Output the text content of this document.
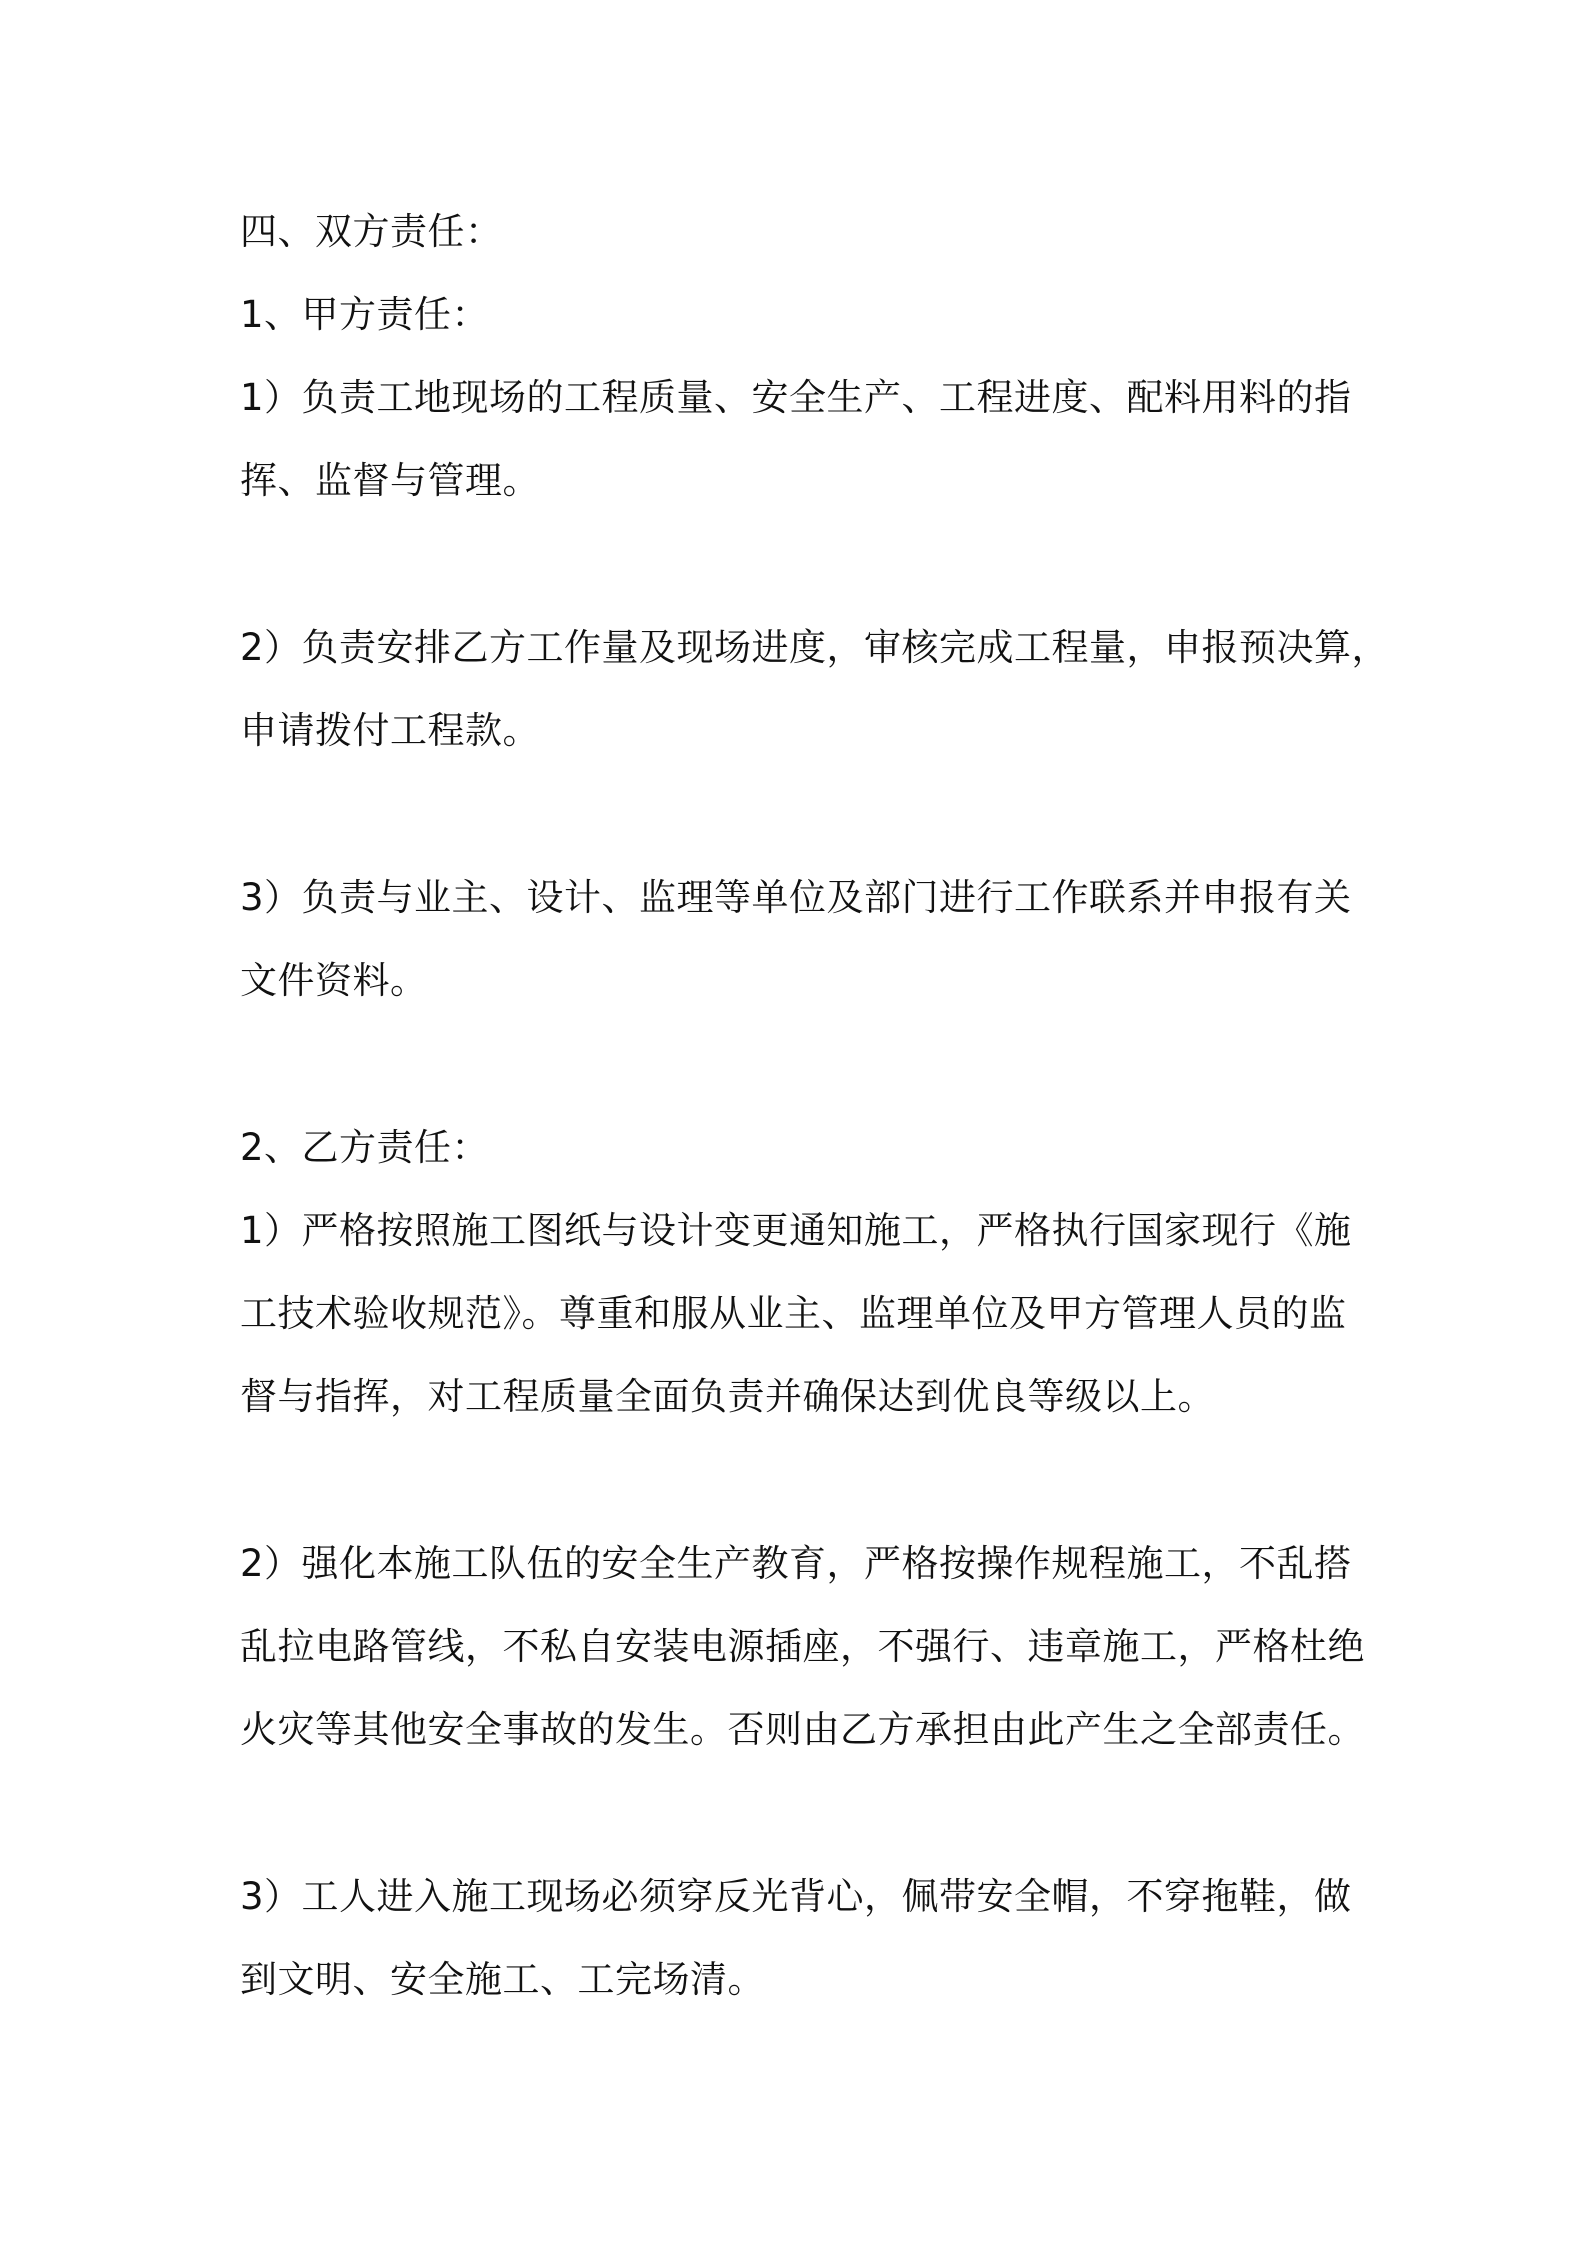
四、双方责任：
1、甲方责任：
1）负责工地现场的工程质量、安全生产、工程进度、配料用料的指
挥、监督与管理。
2）负责安排乙方工作量及现场进度，审核完成工程量，申报预决算，
申请拨付工程款。
3）负责与业主、设计、监理等单位及部门进行工作联系并申报有关
文件资料。
2、乙方责任：
1）严格按照施工图纸与设计变更通知施工，严格执行国家现行《施
工技术验收规范》。尊重和服从业主、监理单位及甲方管理人员的监
督与指挥，对工程质量全面负责并确保达到优良等级以上。
2）强化本施工队伍的安全生产教育，严格按操作规程施工，不乱搭
乱拉电路管线，不私自安装电源插座，不强行、违章施工，严格杜绝
火灾等其他安全事故的发生。否则由乙方承担由此产生之全部责任。
3）工人进入施工现场必须穿反光背心，佩带安全帽，不穿拖鞋，做
到文明、安全施工、工完场清。
